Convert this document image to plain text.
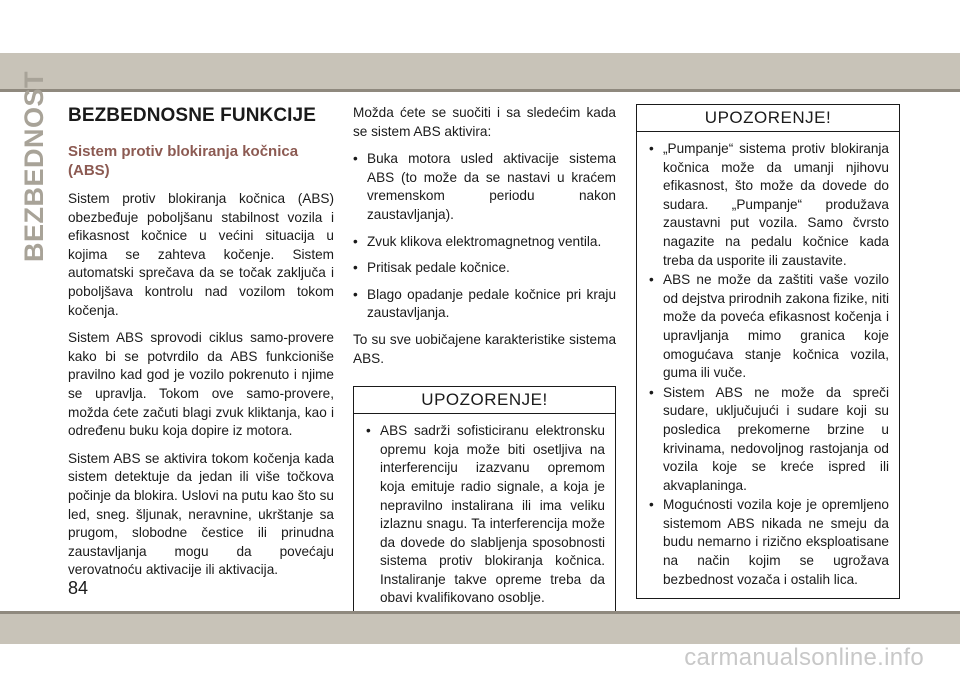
BEZBEDNOST BEZBEDNOSNE FUNKCIJE
Sistem protiv blokiranja kočnica (ABS)

Sistem protiv blokiranja kočnica (ABS) obezbeđuje poboljšanu stabilnost vozila i efikasnost kočnice u većini situacija u kojima se zahteva kočenje. Sistem automatski sprečava da se točak zaključa i poboljšava kontrolu nad vozilom tokom kočenja.

Sistem ABS sprovodi ciklus samo-provere kako bi se potvrdilo da ABS funkcioniše pravilno kad god je vozilo pokrenuto i njime se upravlja. Tokom ove samo-provere, možda ćete začuti blagi zvuk kliktanja, kao i određenu buku koja dopire iz motora.

Sistem ABS se aktivira tokom kočenja kada sistem detektuje da jedan ili više točkova počinje da blokira. Uslovi na putu kao što su led, sneg. šljunak, neravnine, ukrštanje sa prugom, slobodne čestice ili prinudna zaustavljanja mogu da povećaju verovatnoću aktivacije ili aktivacija.

Možda ćete se suočiti i sa sledećim kada se sistem ABS aktivira:

• Buka motora usled aktivacije sistema ABS (to može da se nastavi u kraćem vremenskom periodu nakon zaustavljanja).
• Zvuk klikova elektromagnetnog ventila.
• Pritisak pedale kočnice.
• Blago opadanje pedale kočnice pri kraju zaustavljanja.

To su sve uobičajene karakteristike sistema ABS.

UPOZORENJE!
• ABS sadrži sofisticiranu elektronsku opremu koja može biti osetljiva na interferenciju izazvanu opremom koja emituje radio signale, a koja je nepravilno instalirana ili ima veliku izlaznu snagu. Ta interferencija može da dovede do slabljenja sposobnosti sistema protiv blokiranja kočnica. Instaliranje takve opreme treba da obavi kvalifikovano osoblje.
UPOZORENJE!
• „Pumpanje“ sistema protiv blokiranja kočnica može da umanji njihovu efikasnost, što može da dovede do sudara. „Pumpanje“ produžava zaustavni put vozila. Samo čvrsto nagazite na pedalu kočnice kada treba da usporite ili zaustavite.
• ABS ne može da zaštiti vaše vozilo od dejstva prirodnih zakona fizike, niti može da poveća efikasnost kočenja i upravljanja mimo granica koje omogućava stanje kočnica vozila, guma ili vuče.
• Sistem ABS ne može da spreči sudare, uključujući i sudare koji su posledica prekomerne brzine u krivinama, nedovoljnog rastojanja od vozila koje se kreće ispred ili akvaplaninga.
• Mogućnosti vozila koje je opremljeno sistemom ABS nikada ne smeju da budu nemarno i rizično eksploatisane na način kojim se ugrožava bezbednost vozača i ostalih lica.
84
carmanualsonline.info
